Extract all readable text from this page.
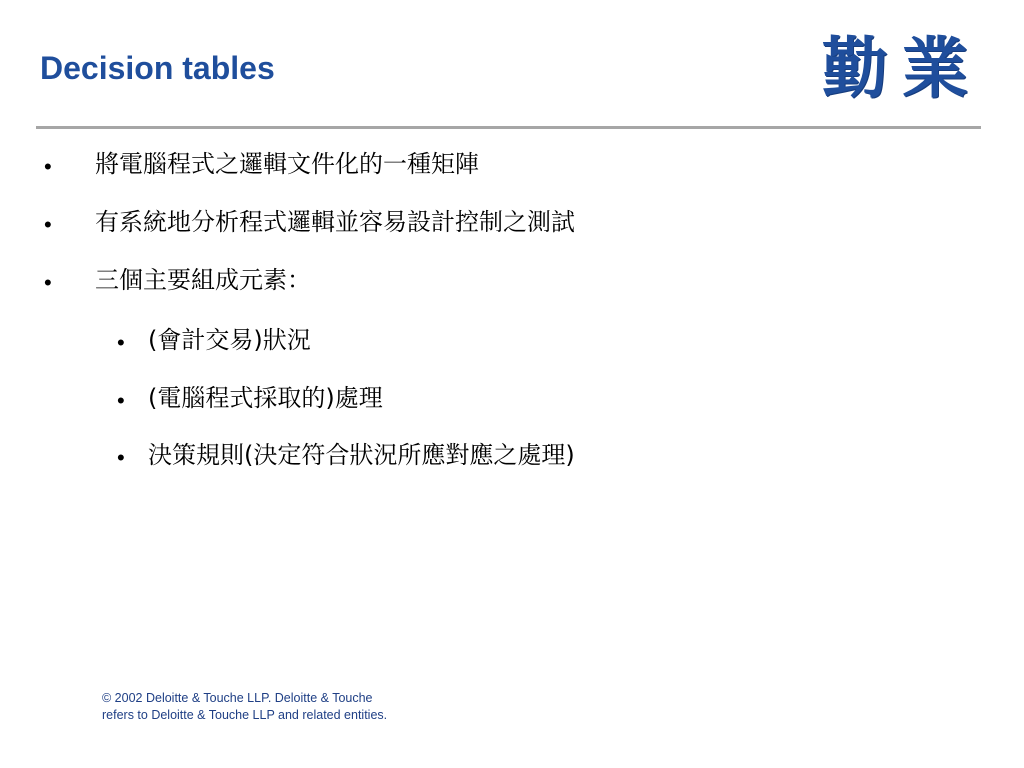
Decision tables	勤業
• 將電腦程式之邏輯文件化的一種矩陣
• 有系統地分析程式邏輯並容易設計控制之測試
• 三個主要組成元素：
• (會計交易)狀況
• (電腦程式採取的)處理
• 決策規則(決定符合狀況所應對應之處理)
© 2002 Deloitte & Touche LLP. Deloitte & Touche
refers to Deloitte & Touche LLP and related entities.
